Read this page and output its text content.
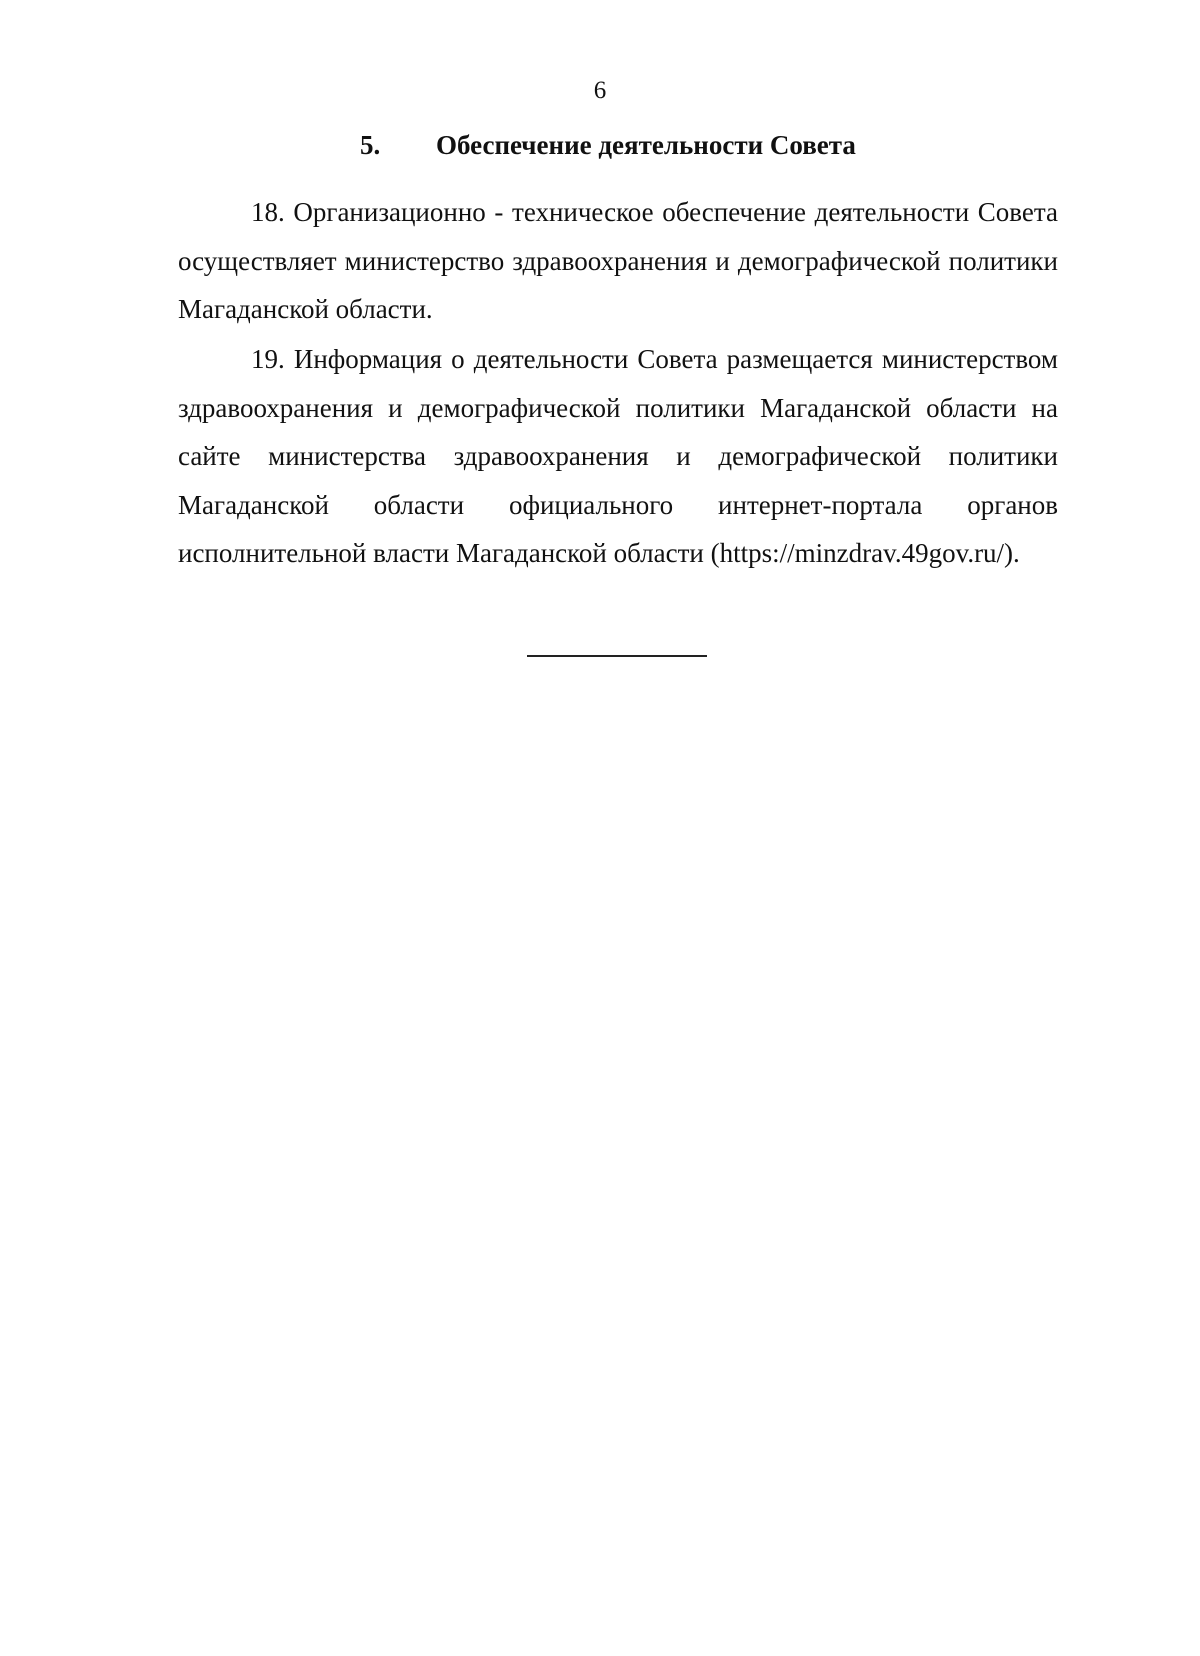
6
5. Обеспечение деятельности Совета

18. Организационно - техническое обеспечение деятельности Совета осуществляет министерство здравоохранения и демографической политики Магаданской области.

19. Информация о деятельности Совета размещается министерством здравоохранения и демографической политики Магаданской области на сайте министерства здравоохранения и демографической политики Магаданской области официального интернет-портала органов исполнительной власти Магаданской области (https://minzdrav.49gov.ru/).
